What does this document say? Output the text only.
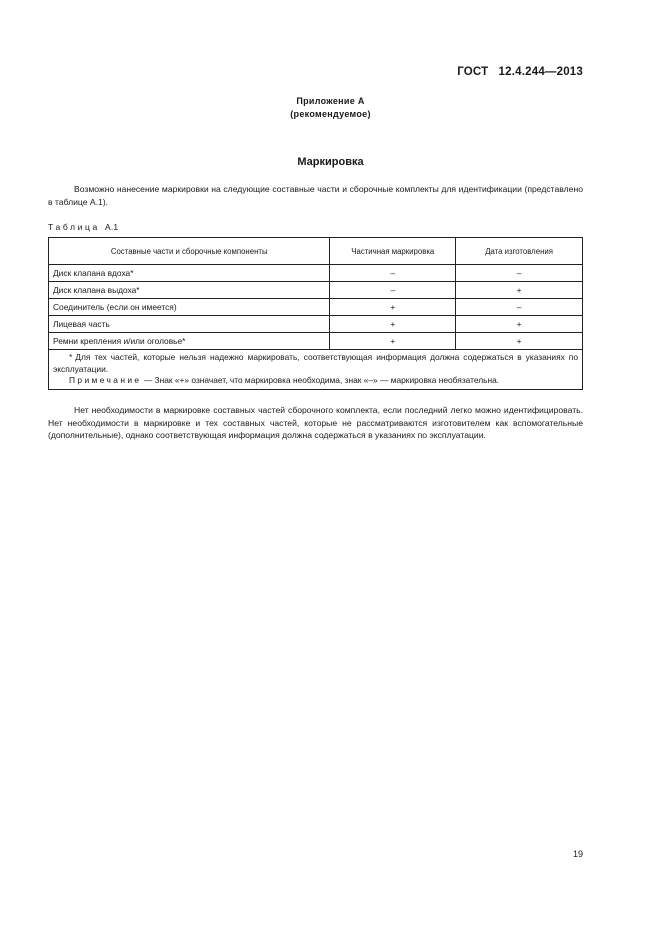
ГОСТ   12.4.244—2013
Приложение А
(рекомендуемое)
Маркировка
Возможно нанесение маркировки на следующие составные части и сборочные комплекты для идентификации (представлено в таблице А.1).
Таблица А.1
Составные части и сборочные компоненты	Частичная маркировка	Дата изготовления
Диск клапана вдоха*	–	–
Диск клапана выдоха*	–	+
Соединитель (если он имеется)	+	–
Лицевая часть	+	+
Ремни крепления и/или оголовье*	+	+

* Для тех частей, которые нельзя надежно маркировать, соответствующая информация должна содержаться в указаниях по эксплуатации.
Примечание — Знак «+» означает, что маркировка необходима, знак «–» — маркировка необязательна.		
Нет необходимости в маркировке составных частей сборочного комплекта, если последний легко можно идентифицировать. Нет необходимости в маркировке и тех составных частей, которые не рассматриваются изготовителем как вспомогательные (дополнительные), однако соответствующая информация должна содержаться в указаниях по эксплуатации.
19
